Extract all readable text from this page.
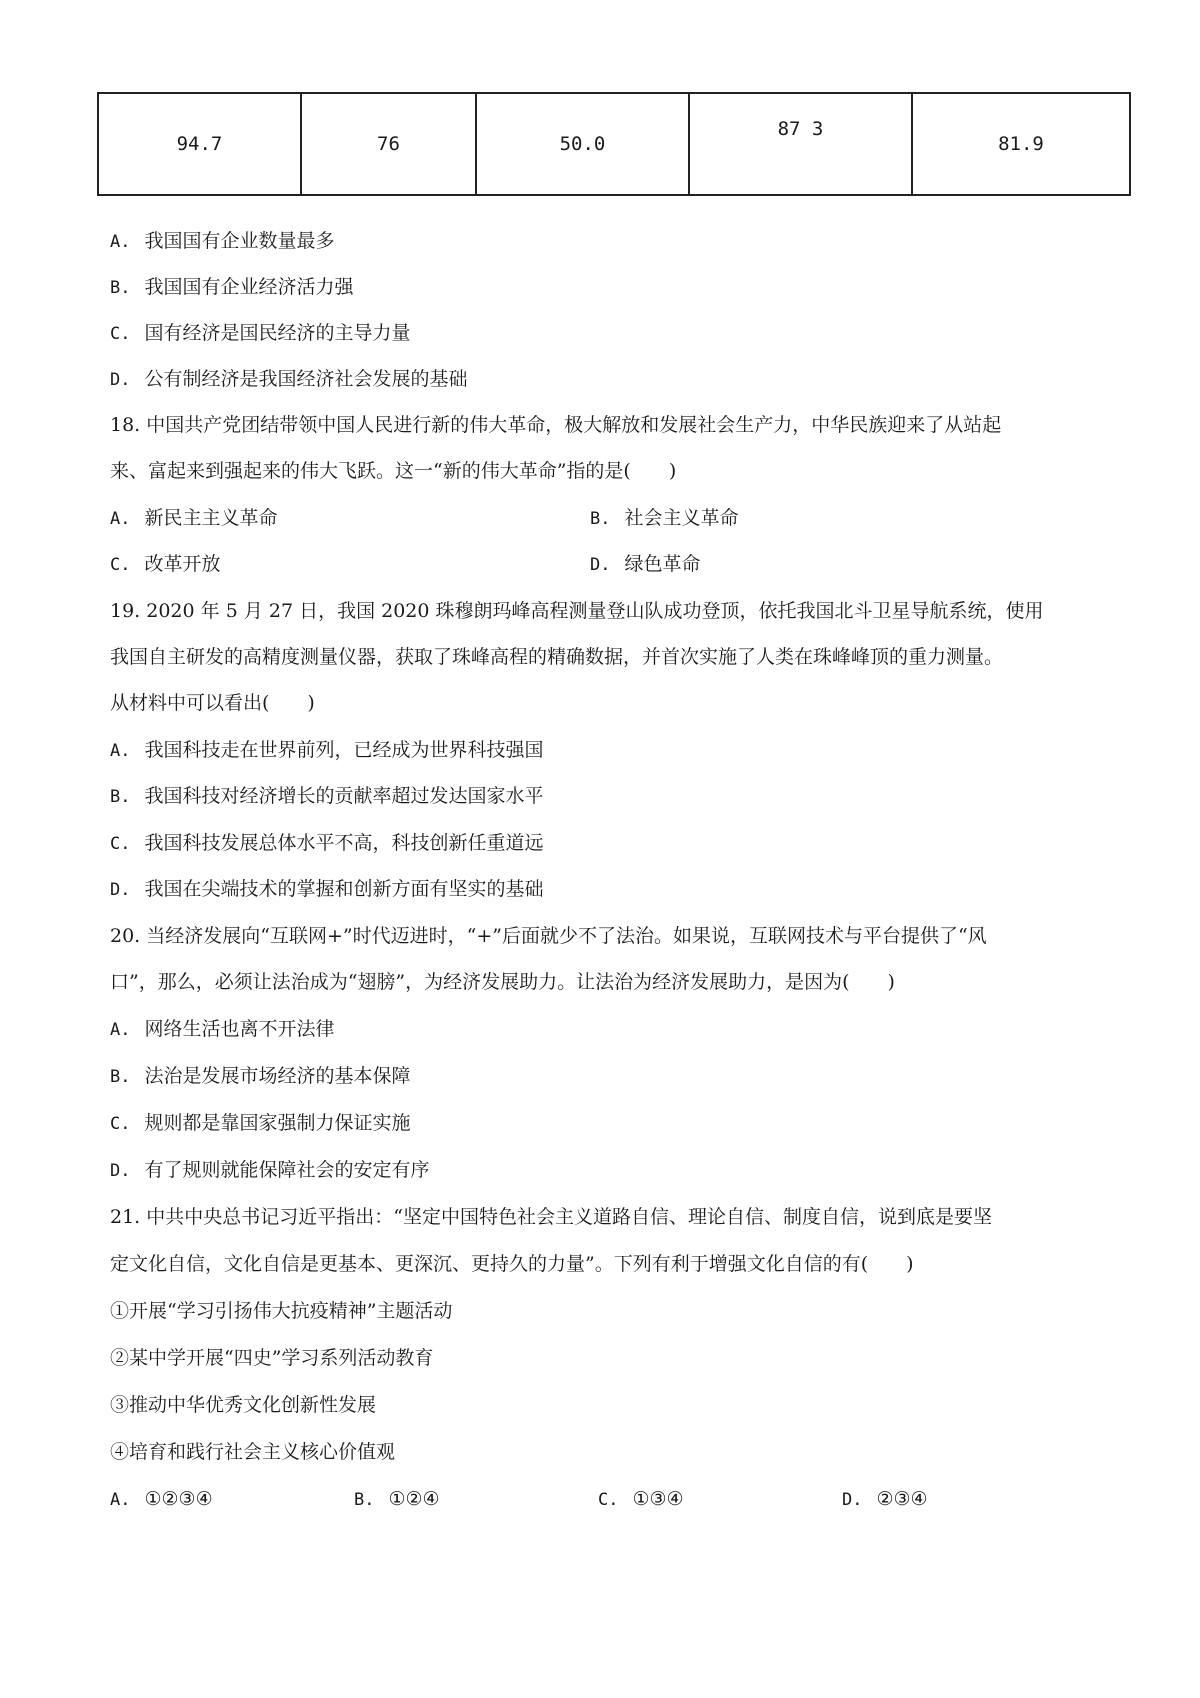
94.7	76	50.0	87 3	81.9
A. 我国国有企业数量最多
B. 我国国有企业经济活力强
C. 国有经济是国民经济的主导力量
D. 公有制经济是我国经济社会发展的基础
18. 中国共产党团结带领中国人民进行新的伟大革命，极大解放和发展社会生产力，中华民族迎来了从站起
来、富起来到强起来的伟大飞跃。这一“新的伟大革命”指的是(　　)
A. 新民主主义革命	B. 社会主义革命
C. 改革开放	D. 绿色革命
19. 2020 年 5 月 27 日，我国 2020 珠穆朗玛峰高程测量登山队成功登顶，依托我国北斗卫星导航系统，使用
我国自主研发的高精度测量仪器，获取了珠峰高程的精确数据，并首次实施了人类在珠峰峰顶的重力测量。
从材料中可以看出(　　)
A. 我国科技走在世界前列，已经成为世界科技强国
B. 我国科技对经济增长的贡献率超过发达国家水平
C. 我国科技发展总体水平不高，科技创新任重道远
D. 我国在尖端技术的掌握和创新方面有坚实的基础
20. 当经济发展向“互联网+”时代迈进时，“+”后面就少不了法治。如果说，互联网技术与平台提供了“风
口”，那么，必须让法治成为“翅膀”，为经济发展助力。让法治为经济发展助力，是因为(　　)
A. 网络生活也离不开法律
B. 法治是发展市场经济的基本保障
C. 规则都是靠国家强制力保证实施
D. 有了规则就能保障社会的安定有序
21. 中共中央总书记习近平指出：“坚定中国特色社会主义道路自信、理论自信、制度自信，说到底是要坚
定文化自信，文化自信是更基本、更深沉、更持久的力量”。下列有利于增强文化自信的有(　　)
①开展“学习引扬伟大抗疫精神”主题活动
②某中学开展“四史”学习系列活动教育
③推动中华优秀文化创新性发展
④培育和践行社会主义核心价值观
A. ①②③④	B. ①②④	C. ①③④	D. ②③④
